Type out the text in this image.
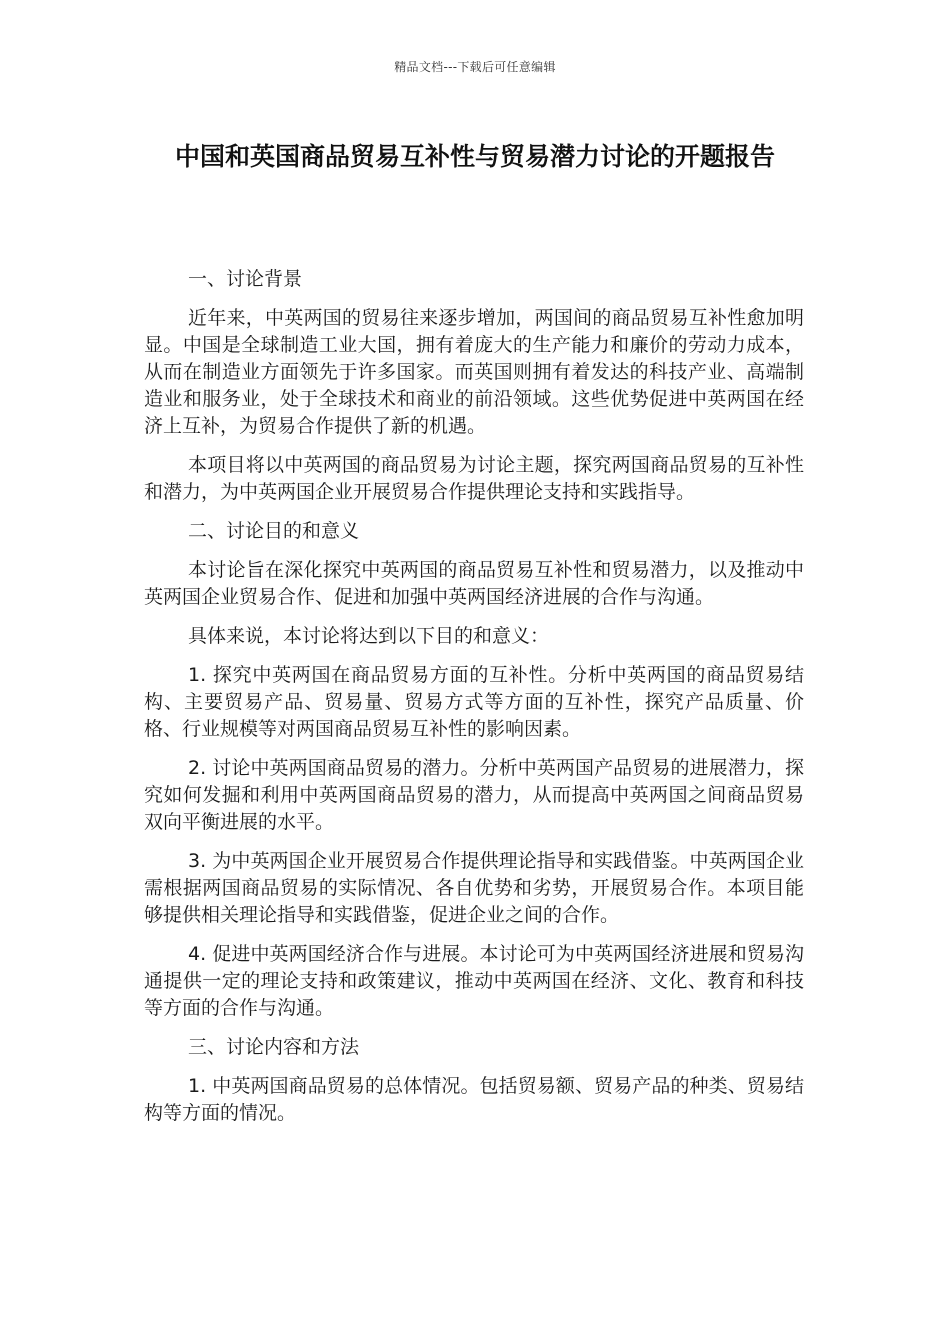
精品文档---下载后可任意编辑
中国和英国商品贸易互补性与贸易潜力讨论的开题报告

一、讨论背景

近年来，中英两国的贸易往来逐步增加，两国间的商品贸易互补性愈加明显。中国是全球制造工业大国，拥有着庞大的生产能力和廉价的劳动力成本，从而在制造业方面领先于许多国家。而英国则拥有着发达的科技产业、高端制造业和服务业，处于全球技术和商业的前沿领域。这些优势促进中英两国在经济上互补，为贸易合作提供了新的机遇。

本项目将以中英两国的商品贸易为讨论主题，探究两国商品贸易的互补性和潜力，为中英两国企业开展贸易合作提供理论支持和实践指导。

二、讨论目的和意义

本讨论旨在深化探究中英两国的商品贸易互补性和贸易潜力，以及推动中英两国企业贸易合作、促进和加强中英两国经济进展的合作与沟通。

具体来说，本讨论将达到以下目的和意义：

1. 探究中英两国在商品贸易方面的互补性。分析中英两国的商品贸易结构、主要贸易产品、贸易量、贸易方式等方面的互补性，探究产品质量、价格、行业规模等对两国商品贸易互补性的影响因素。

2. 讨论中英两国商品贸易的潜力。分析中英两国产品贸易的进展潜力，探究如何发掘和利用中英两国商品贸易的潜力，从而提高中英两国之间商品贸易双向平衡进展的水平。

3. 为中英两国企业开展贸易合作提供理论指导和实践借鉴。中英两国企业需根据两国商品贸易的实际情况、各自优势和劣势，开展贸易合作。本项目能够提供相关理论指导和实践借鉴，促进企业之间的合作。

4. 促进中英两国经济合作与进展。本讨论可为中英两国经济进展和贸易沟通提供一定的理论支持和政策建议，推动中英两国在经济、文化、教育和科技等方面的合作与沟通。

三、讨论内容和方法

1. 中英两国商品贸易的总体情况。包括贸易额、贸易产品的种类、贸易结构等方面的情况。
